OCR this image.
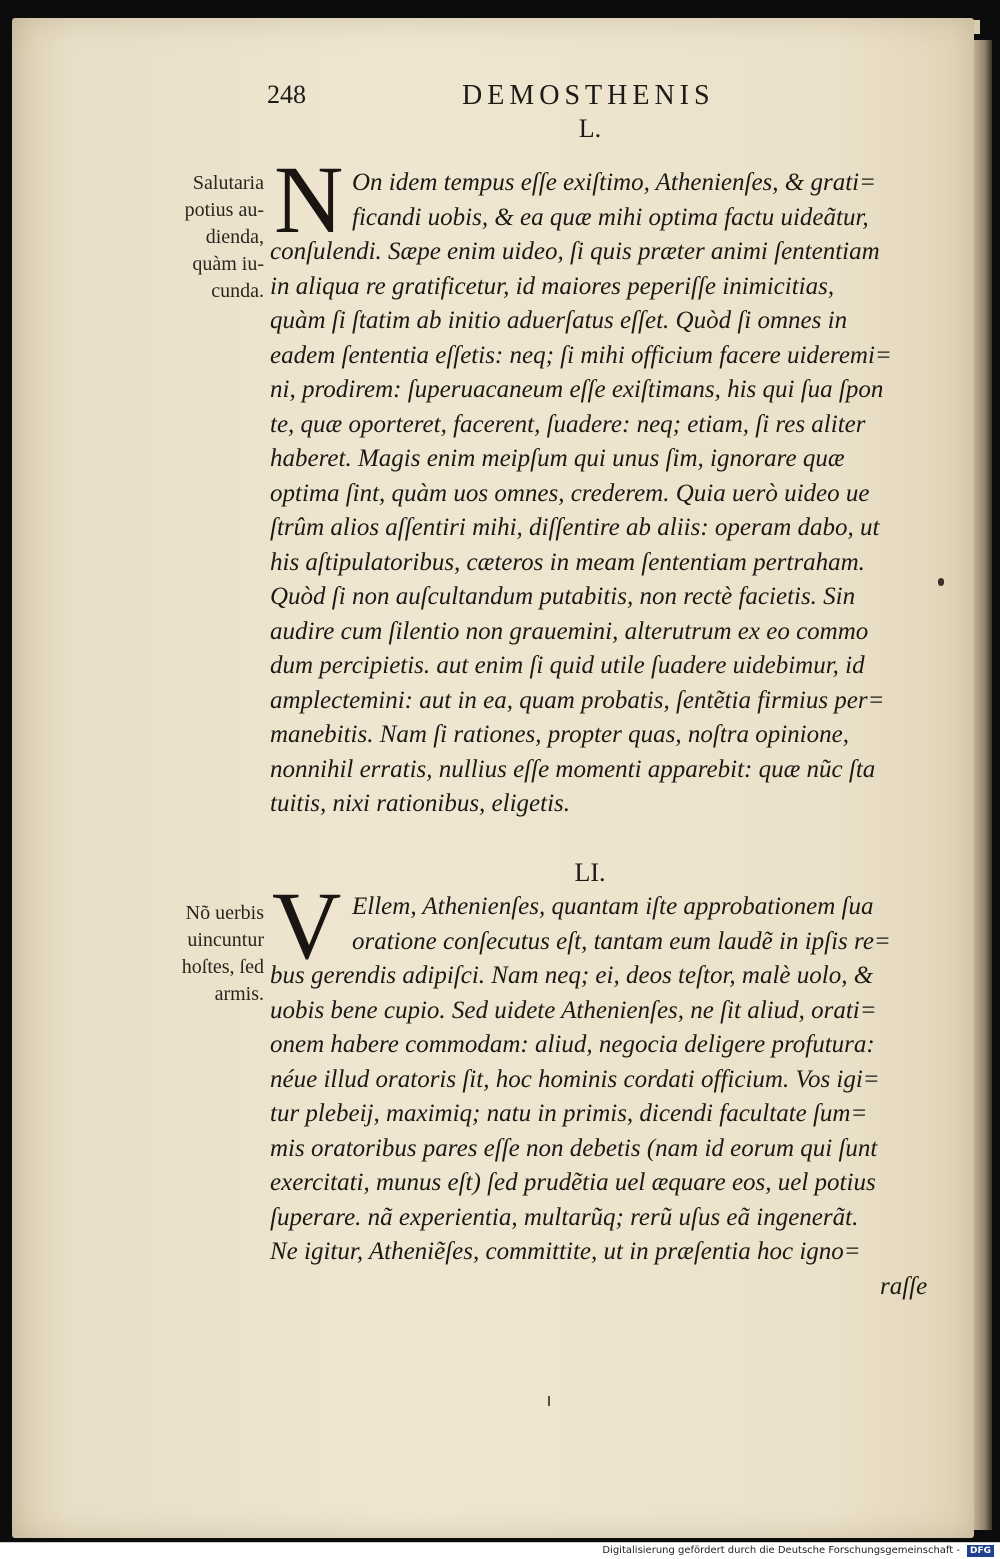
248	DEMOSTHENIS
L.
Salutaria
potius au-
dienda,
quàm iu-
cunda.
N On idem tempus eſſe exiſtimo, Athenienſes, & grati=
ficandi uobis, & ea quæ mihi optima factu uideãtur,
conſulendi. Sæpe enim uideo, ſi quis præter animi ſententiam
in aliqua re gratificetur, id maiores peperiſſe inimicitias,
quàm ſi ſtatim ab initio aduerſatus eſſet. Quòd ſi omnes in
eadem ſententia eſſetis: neq; ſi mihi officium facere uideremi=
ni, prodirem: ſuperuacaneum eſſe exiſtimans, his qui ſua ſpon
te, quæ oporteret, facerent, ſuadere: neq; etiam, ſi res aliter
haberet. Magis enim meipſum qui unus ſim, ignorare quæ
optima ſint, quàm uos omnes, crederem. Quia uerò uideo ue
ſtrûm alios aſſentiri mihi, diſſentire ab aliis: operam dabo, ut
his aſtipulatoribus, cæteros in meam ſententiam pertraham.
Quòd ſi non auſcultandum putabitis, non rectè facietis. Sin
audire cum ſilentio non grauemini, alterutrum ex eo commo
dum percipietis. aut enim ſi quid utile ſuadere uidebimur, id
amplectemini: aut in ea, quam probatis, ſentẽtia firmius per=
manebitis. Nam ſi rationes, propter quas, noſtra opinione,
nonnihil erratis, nullius eſſe momenti apparebit: quæ nũc ſta
tuitis, nixi rationibus, eligetis.
LI.
Nõ uerbis
uincuntur
hoſtes, ſed
armis.
V Ellem, Athenienſes, quantam iſte approbationem ſua
oratione conſecutus eſt, tantam eum laudẽ in ipſis re=
bus gerendis adipiſci. Nam neq; ei, deos teſtor, malè uolo, &
uobis bene cupio. Sed uidete Athenienſes, ne ſit aliud, orati=
onem habere commodam: aliud, negocia deligere profutura:
néue illud oratoris ſit, hoc hominis cordati officium. Vos igi=
tur plebeij, maximiq; natu in primis, dicendi facultate ſum=
mis oratoribus pares eſſe non debetis (nam id eorum qui ſunt
exercitati, munus eſt) ſed prudẽtia uel æquare eos, uel potius
ſuperare. nã experientia, multarũq; rerũ uſus eã ingenerãt.
Ne igitur, Atheniẽſes, committite, ut in præſentia hoc igno=
raſſe
Digitalisierung gefördert durch die Deutsche Forschungsgemeinschaft -	DFG
